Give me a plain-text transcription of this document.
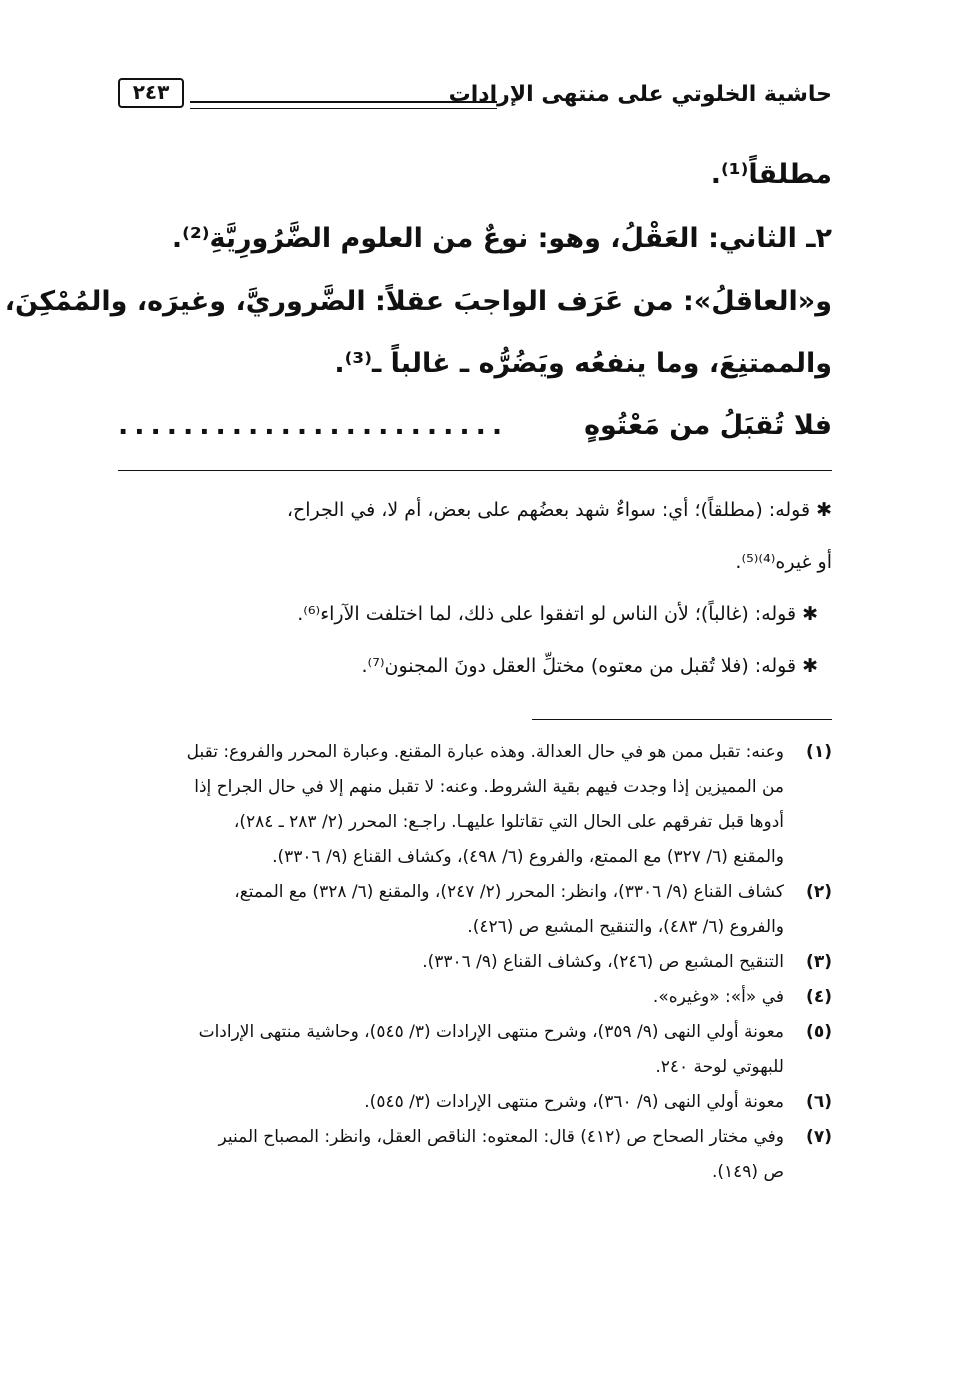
حاشية الخلوتي على منتهى الإرادات
٢٤٣
مطلقاً⁽¹⁾.
٢ـ الثاني: العَقْلُ، وهو: نوعٌ من العلوم الضَّرُورِيَّةِ⁽²⁾.
و«العاقلُ»: من عَرَف الواجبَ عقلاً: الضَّروريَّ، وغيرَه، والمُمْكِنَ،
والممتنِعَ، وما ينفعُه ويَضُرُّه ـ غالباً ـ⁽³⁾.
فلا تُقبَلُ من مَعْتُوهٍ
........................
✱قوله: (مطلقاً)؛ أي: سواءٌ شهد بعضُهم على بعض، أم لا، في الجراح،
أو غيره⁽⁴⁾⁽⁵⁾.
✱قوله: (غالباً)؛ لأن الناس لو اتفقوا على ذلك، لما اختلفت الآراء⁽⁶⁾.
✱قوله: (فلا تُقبل من معتوه) مختلِّ العقل دونَ المجنون⁽⁷⁾.
(١)
وعنه: تقبل ممن هو في حال العدالة. وهذه عبارة المقنع. وعبارة المحرر والفروع: تقبل
من المميزين إذا وجدت فيهم بقية الشروط. وعنه: لا تقبل منهم إلا في حال الجراح إذا
أدوها قبل تفرقهم على الحال التي تقاتلوا عليهـا. راجـع: المحرر (٢/ ٢٨٣ ـ ٢٨٤)،
والمقنع (٦/ ٣٢٧) مع الممتع، والفروع (٦/ ٤٩٨)، وكشاف القناع (٩/ ٣٣٠٦).
(٢)
كشاف القناع (٩/ ٣٣٠٦)، وانظر: المحرر (٢/ ٢٤٧)، والمقنع (٦/ ٣٢٨) مع الممتع،
والفروع (٦/ ٤٨٣)، والتنقيح المشبع ص (٤٢٦).
(٣)
التنقيح المشبع ص (٢٤٦)، وكشاف القناع (٩/ ٣٣٠٦).
(٤)
في «أ»: «وغيره».
(٥)
معونة أولي النهى (٩/ ٣٥٩)، وشرح منتهى الإرادات (٣/ ٥٤٥)، وحاشية منتهى الإرادات
للبهوتي لوحة ٢٤٠.
(٦)
معونة أولي النهى (٩/ ٣٦٠)، وشرح منتهى الإرادات (٣/ ٥٤٥).
(٧)
وفي مختار الصحاح ص (٤١٢) قال: المعتوه: الناقص العقل، وانظر: المصباح المنير
ص (١٤٩).
